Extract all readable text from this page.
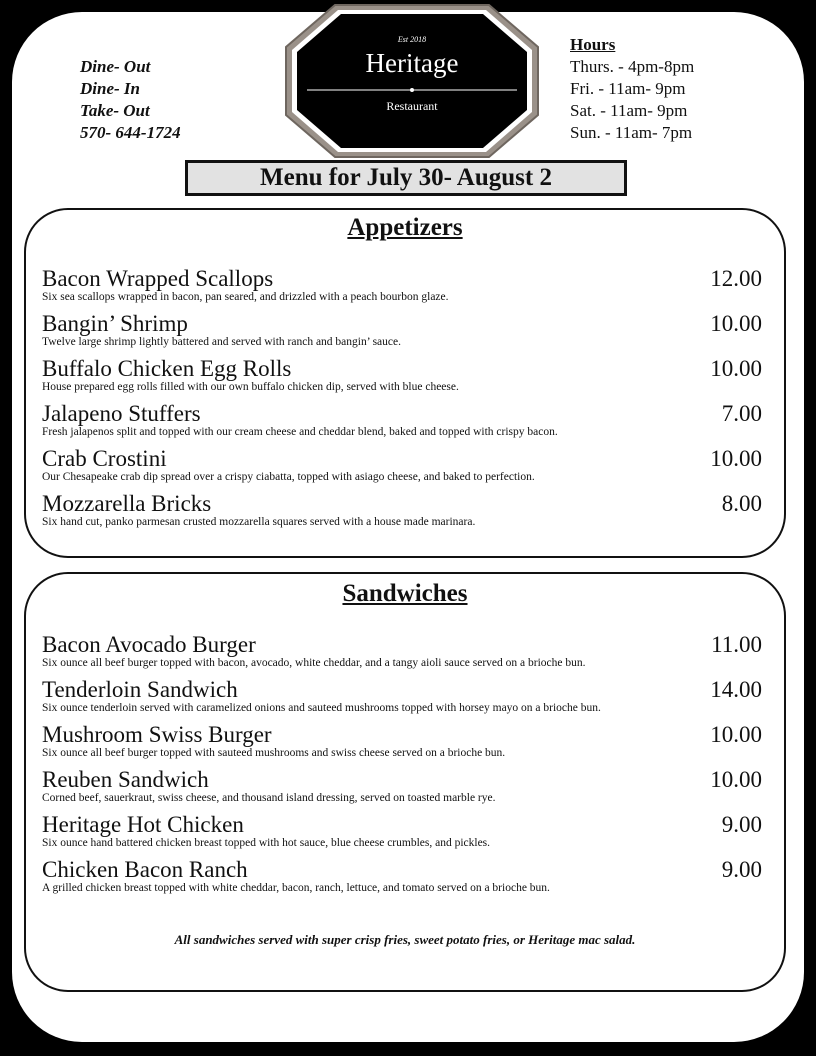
Dine- Out
Dine- In
Take- Out
570- 644-1724
Est 2018
Heritage
Restaurant
Hours
Thurs. - 4pm-8pm
Fri. - 11am- 9pm
Sat. - 11am- 9pm
Sun. - 11am- 7pm
Menu for July 30- August 2
Appetizers
Bacon Wrapped Scallops	12.00
Six sea scallops wrapped in bacon, pan seared, and drizzled with a peach bourbon glaze.
Bangin’ Shrimp	10.00
Twelve large shrimp lightly battered and served with ranch and bangin’ sauce.
Buffalo Chicken Egg Rolls	10.00
House prepared egg rolls filled with our own buffalo chicken dip, served with blue cheese.
Jalapeno Stuffers	7.00
Fresh jalapenos split and topped with our cream cheese and cheddar blend, baked and topped with crispy bacon.
Crab Crostini	10.00
Our Chesapeake crab dip spread over a crispy ciabatta, topped with asiago cheese, and baked to perfection.
Mozzarella Bricks	8.00
Six hand cut, panko parmesan crusted mozzarella squares served with a house made marinara.
Sandwiches
Bacon Avocado Burger	11.00
Six ounce all beef burger topped with bacon, avocado, white cheddar, and a tangy aioli sauce served on a brioche bun.
Tenderloin Sandwich	14.00
Six ounce tenderloin served with caramelized onions and sauteed mushrooms topped with horsey mayo on a brioche bun.
Mushroom Swiss Burger	10.00
Six ounce all beef burger topped with sauteed mushrooms and swiss cheese served on a brioche bun.
Reuben Sandwich	10.00
Corned beef, sauerkraut, swiss cheese, and thousand island dressing, served on toasted marble rye.
Heritage Hot Chicken	9.00
Six ounce hand battered chicken breast topped with hot sauce, blue cheese crumbles, and pickles.
Chicken Bacon Ranch	9.00
A grilled chicken breast topped with white cheddar, bacon, ranch, lettuce, and tomato served on a brioche bun.
All sandwiches served with super crisp fries, sweet potato fries, or Heritage mac salad.
